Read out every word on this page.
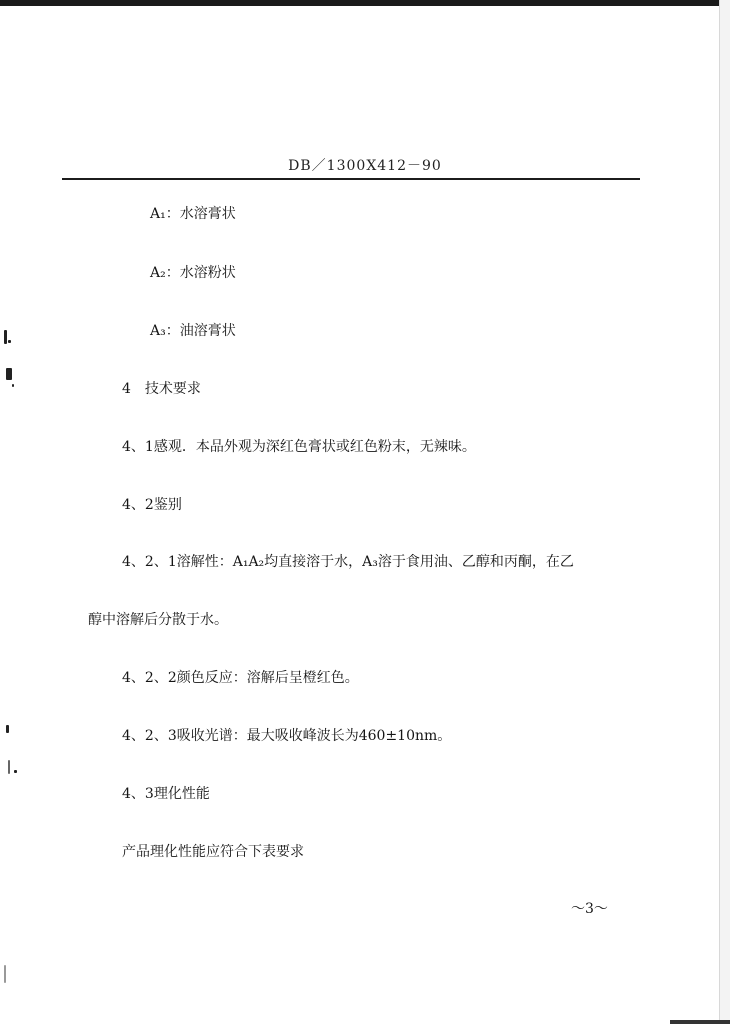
DB／1300X412－90
A₁：水溶膏状
A₂：水溶粉状
A₃：油溶膏状
4　技术要求
4、1感观．本品外观为深红色膏状或红色粉末，无辣味。
4、2鉴别
4、2、1溶解性：A₁A₂均直接溶于水，A₃溶于食用油、乙醇和丙酮，在乙
醇中溶解后分散于水。
4、2、2颜色反应：溶解后呈橙红色。
4、2、3吸收光谱：最大吸收峰波长为460±10nm。
4、3理化性能
产品理化性能应符合下表要求
～3～
